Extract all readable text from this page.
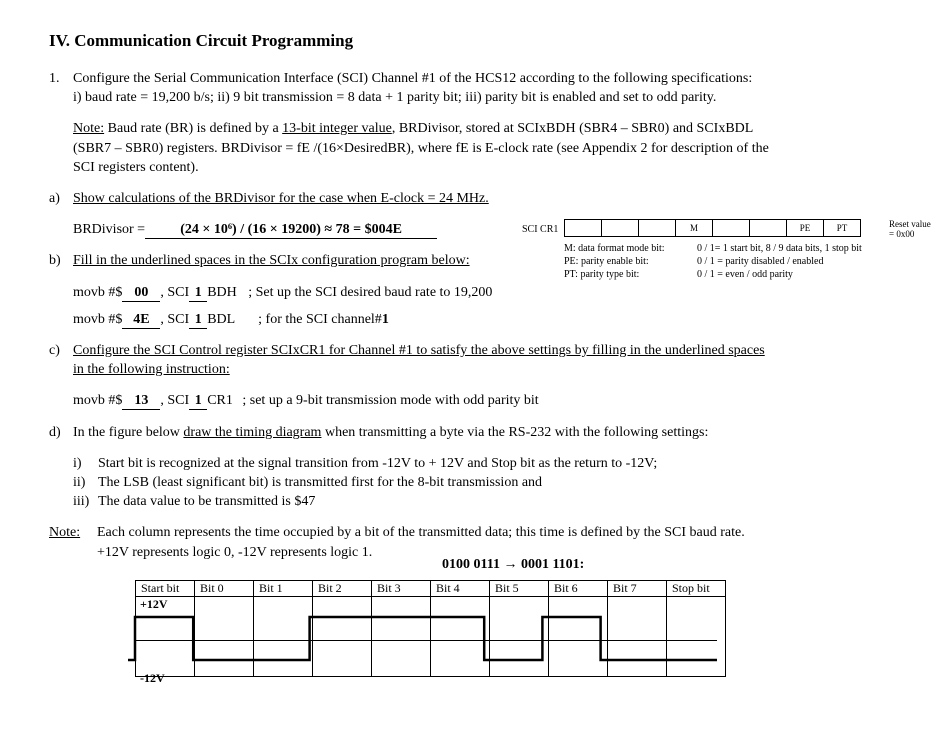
IV. Communication Circuit Programming
1. Configure the Serial Communication Interface (SCI) Channel #1 of the HCS12 according to the following specifications:
i) baud rate = 19,200 b/s; ii) 9 bit transmission = 8 data + 1 parity bit; iii) parity bit is enabled and set to odd parity.
Note: Baud rate (BR) is defined by a 13-bit integer value, BRDivisor, stored at SCIxBDH (SBR4 – SBR0) and SCIxBDL
(SBR7 – SBR0) registers. BRDivisor = fE /(16×DesiredBR), where fE is E-clock rate (see Appendix 2 for description of the
SCI registers content).
a) Show calculations of the BRDivisor for the case when E-clock = 24 MHz.
BRDivisor =	(24 × 10⁶) / (16 × 19200) ≈ 78 = $004E	SCI CR1
				M			PE	PT	Reset value
= 0x00
M: data format mode bit:	0 / 1= 1 start bit, 8 / 9 data bits, 1 stop bit
PE: parity enable bit:	0 / 1 = parity disabled / enabled
PT: parity type bit:	0 / 1 = even / odd parity
b) Fill in the underlined spaces in the SCIx configuration program below:
movb #$ 00 , SCI 1 BDH ; Set up the SCI desired baud rate to 19,200
movb #$ 4E , SCI 1 BDL ; for the SCI channel#1
c) Configure the SCI Control register SCIxCR1 for Channel #1 to satisfy the above settings by filling in the underlined spaces
in the following instruction:
movb #$ 13 , SCI 1 CR1 ; set up a 9-bit transmission mode with odd parity bit
d) In the figure below draw the timing diagram when transmitting a byte via the RS-232 with the following settings:
i) Start bit is recognized at the signal transition from -12V to + 12V and Stop bit as the return to -12V;
ii) The LSB (least significant bit) is transmitted first for the 8-bit transmission and
iii) The data value to be transmitted is $47
Note: Each column represents the time occupied by a bit of the transmitted data; this time is defined by the SCI baud rate.
+12V represents logic 0, -12V represents logic 1.
0100 0111 → 0001 1101:
Start bit	Bit 0	Bit 1	Bit 2	Bit 3	Bit 4	Bit 5	Bit 6	Bit 7	Stop bit

+12V
-12V
